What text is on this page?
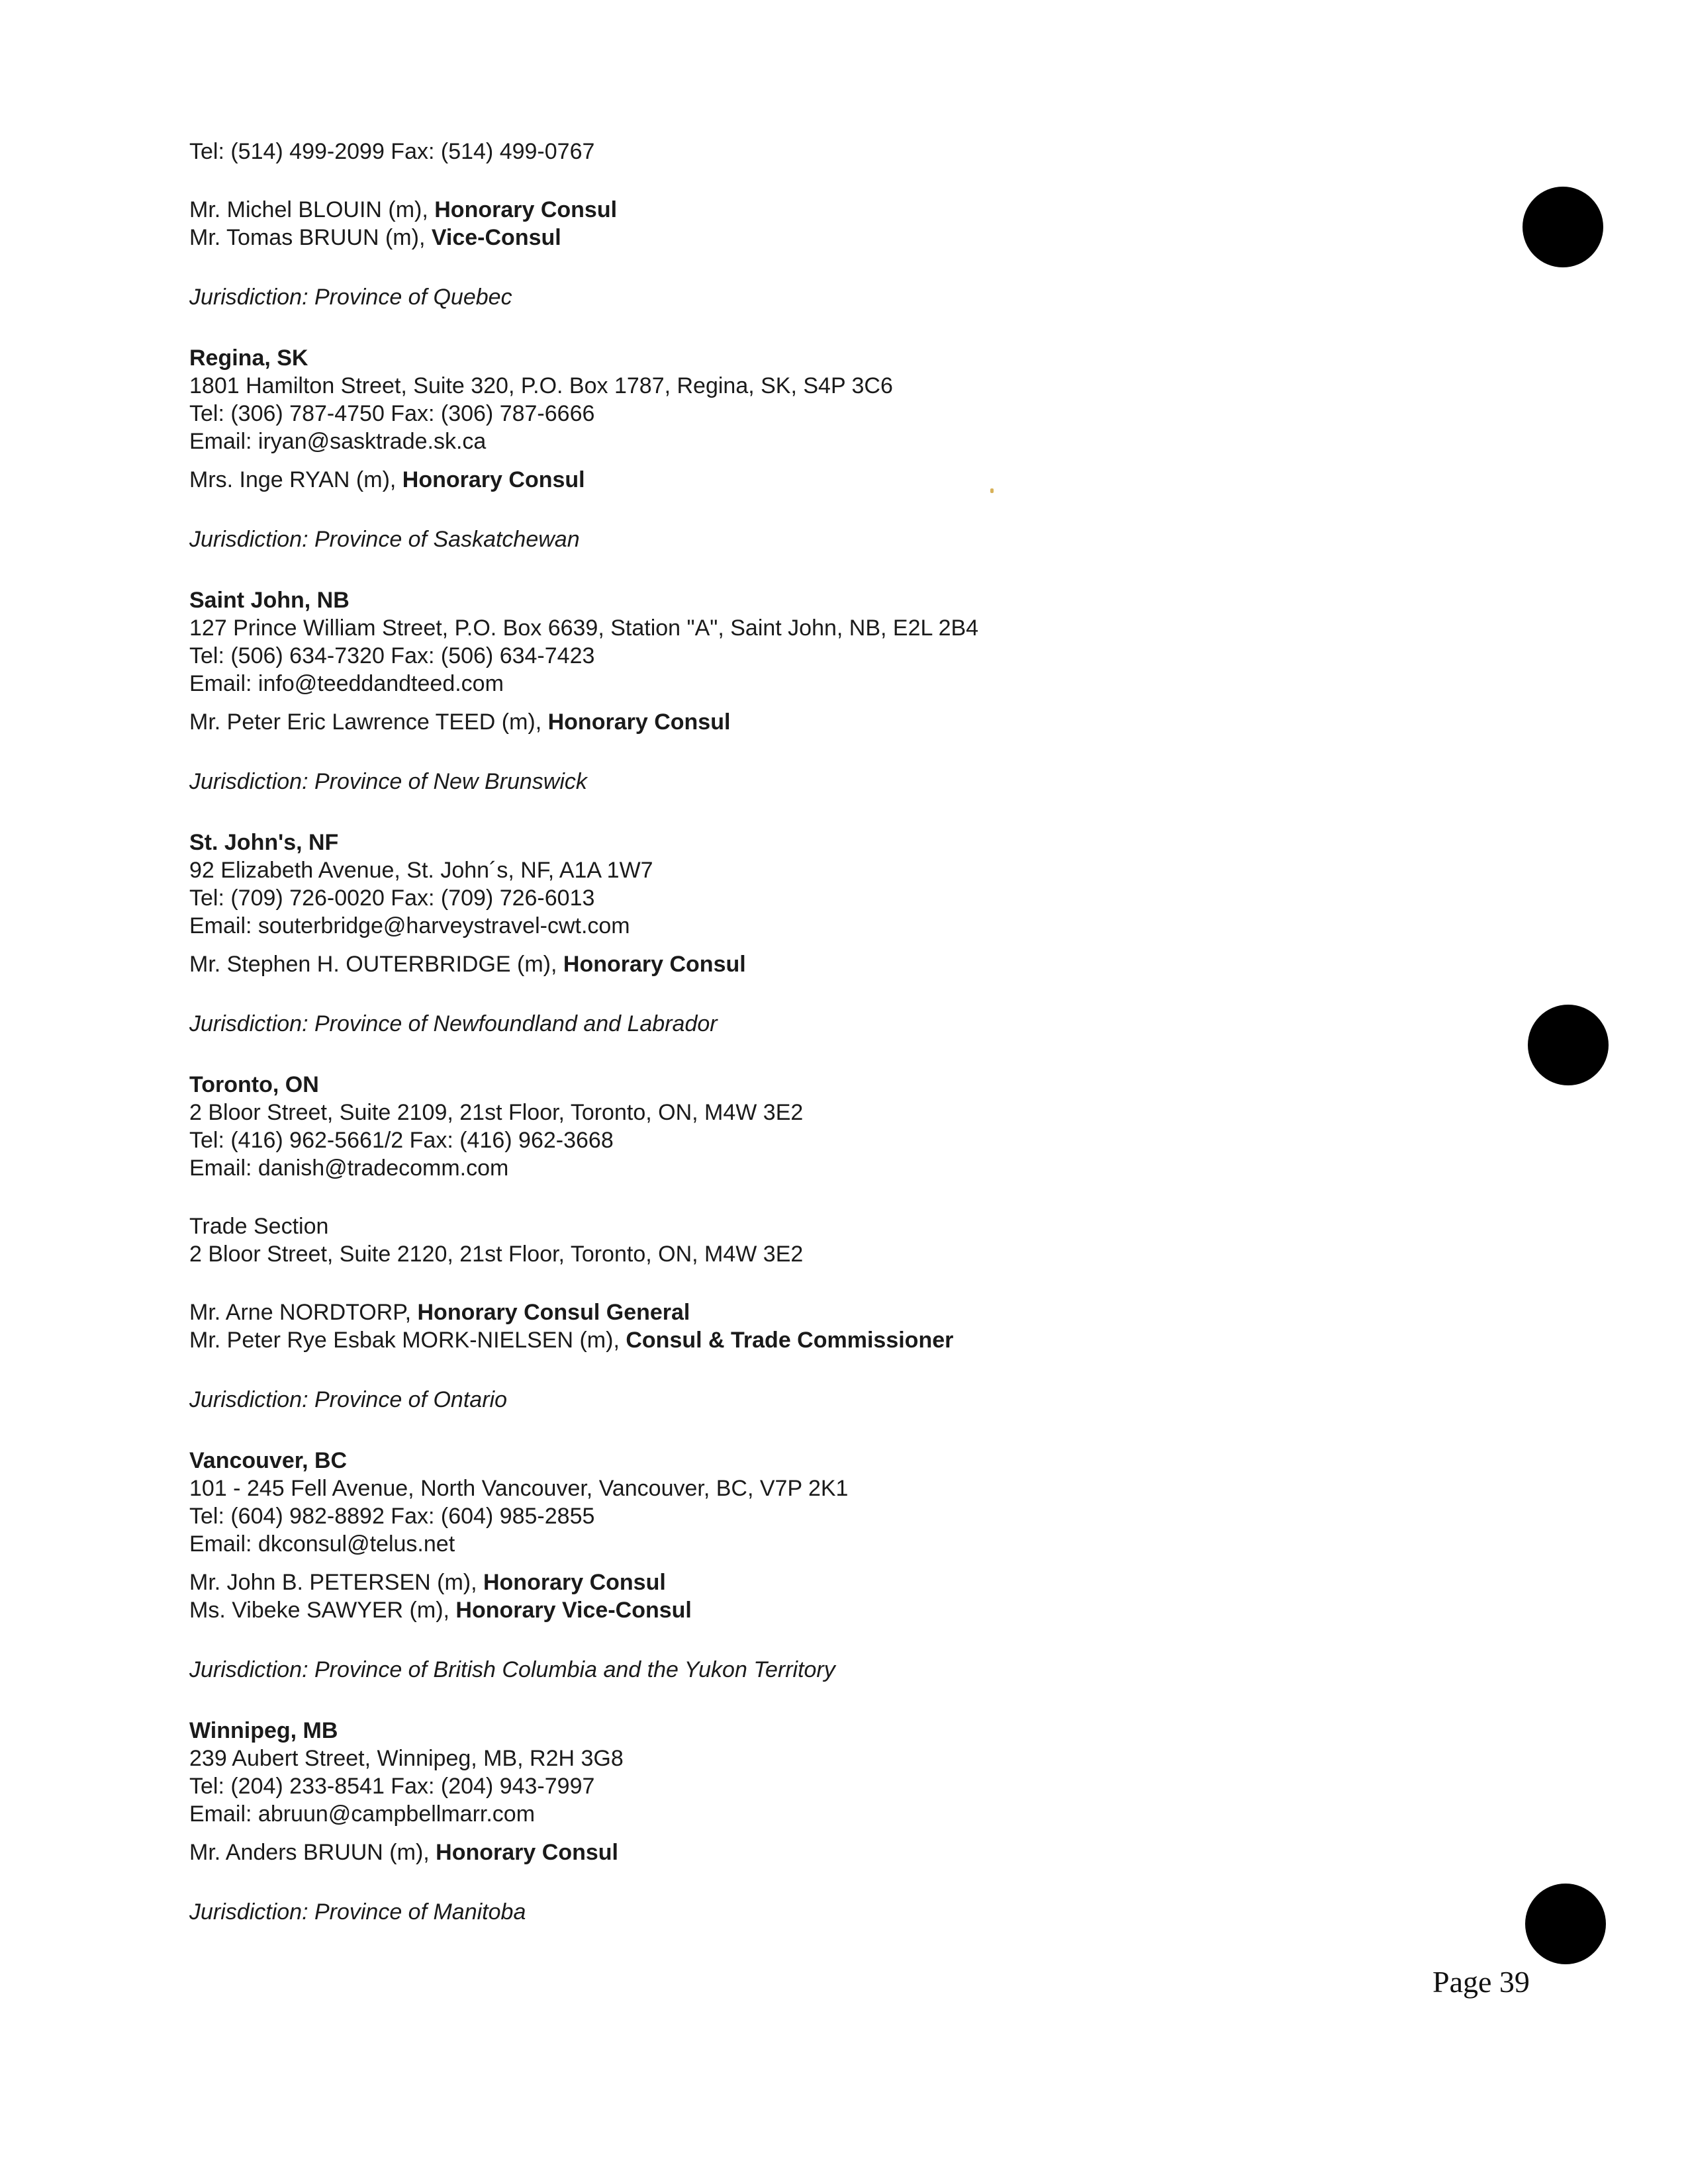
Tel: (514) 499-2099 Fax: (514) 499-0767
Mr. Michel BLOUIN (m), Honorary Consul
Mr. Tomas BRUUN (m), Vice-Consul
Jurisdiction: Province of Quebec
Regina, SK
1801 Hamilton Street, Suite 320, P.O. Box 1787, Regina, SK, S4P 3C6
Tel: (306) 787-4750 Fax: (306) 787-6666
Email: iryan@sasktrade.sk.ca
Mrs. Inge RYAN (m), Honorary Consul
Jurisdiction: Province of Saskatchewan
Saint John, NB
127 Prince William Street, P.O. Box 6639, Station "A", Saint John, NB, E2L 2B4
Tel: (506) 634-7320 Fax: (506) 634-7423
Email: info@teeddandteed.com
Mr. Peter Eric Lawrence TEED (m), Honorary Consul
Jurisdiction: Province of New Brunswick
St. John's, NF
92 Elizabeth Avenue, St. John´s, NF, A1A 1W7
Tel: (709) 726-0020 Fax: (709) 726-6013
Email: souterbridge@harveystravel-cwt.com
Mr. Stephen H. OUTERBRIDGE (m), Honorary Consul
Jurisdiction: Province of Newfoundland and Labrador
Toronto, ON
2 Bloor Street, Suite 2109, 21st Floor, Toronto, ON, M4W 3E2
Tel: (416) 962-5661/2 Fax: (416) 962-3668
Email: danish@tradecomm.com
Trade Section
2 Bloor Street, Suite 2120, 21st Floor, Toronto, ON, M4W 3E2
Mr. Arne NORDTORP, Honorary Consul General
Mr. Peter Rye Esbak MORK-NIELSEN (m), Consul & Trade Commissioner
Jurisdiction: Province of Ontario
Vancouver, BC
101 - 245 Fell Avenue, North Vancouver, Vancouver, BC, V7P 2K1
Tel: (604) 982-8892 Fax: (604) 985-2855
Email: dkconsul@telus.net
Mr. John B. PETERSEN (m), Honorary Consul
Ms. Vibeke SAWYER (m), Honorary Vice-Consul
Jurisdiction: Province of British Columbia and the Yukon Territory
Winnipeg, MB
239 Aubert Street, Winnipeg, MB, R2H 3G8
Tel: (204) 233-8541 Fax: (204) 943-7997
Email: abruun@campbellmarr.com
Mr. Anders BRUUN (m), Honorary Consul
Jurisdiction: Province of Manitoba
Page 39
